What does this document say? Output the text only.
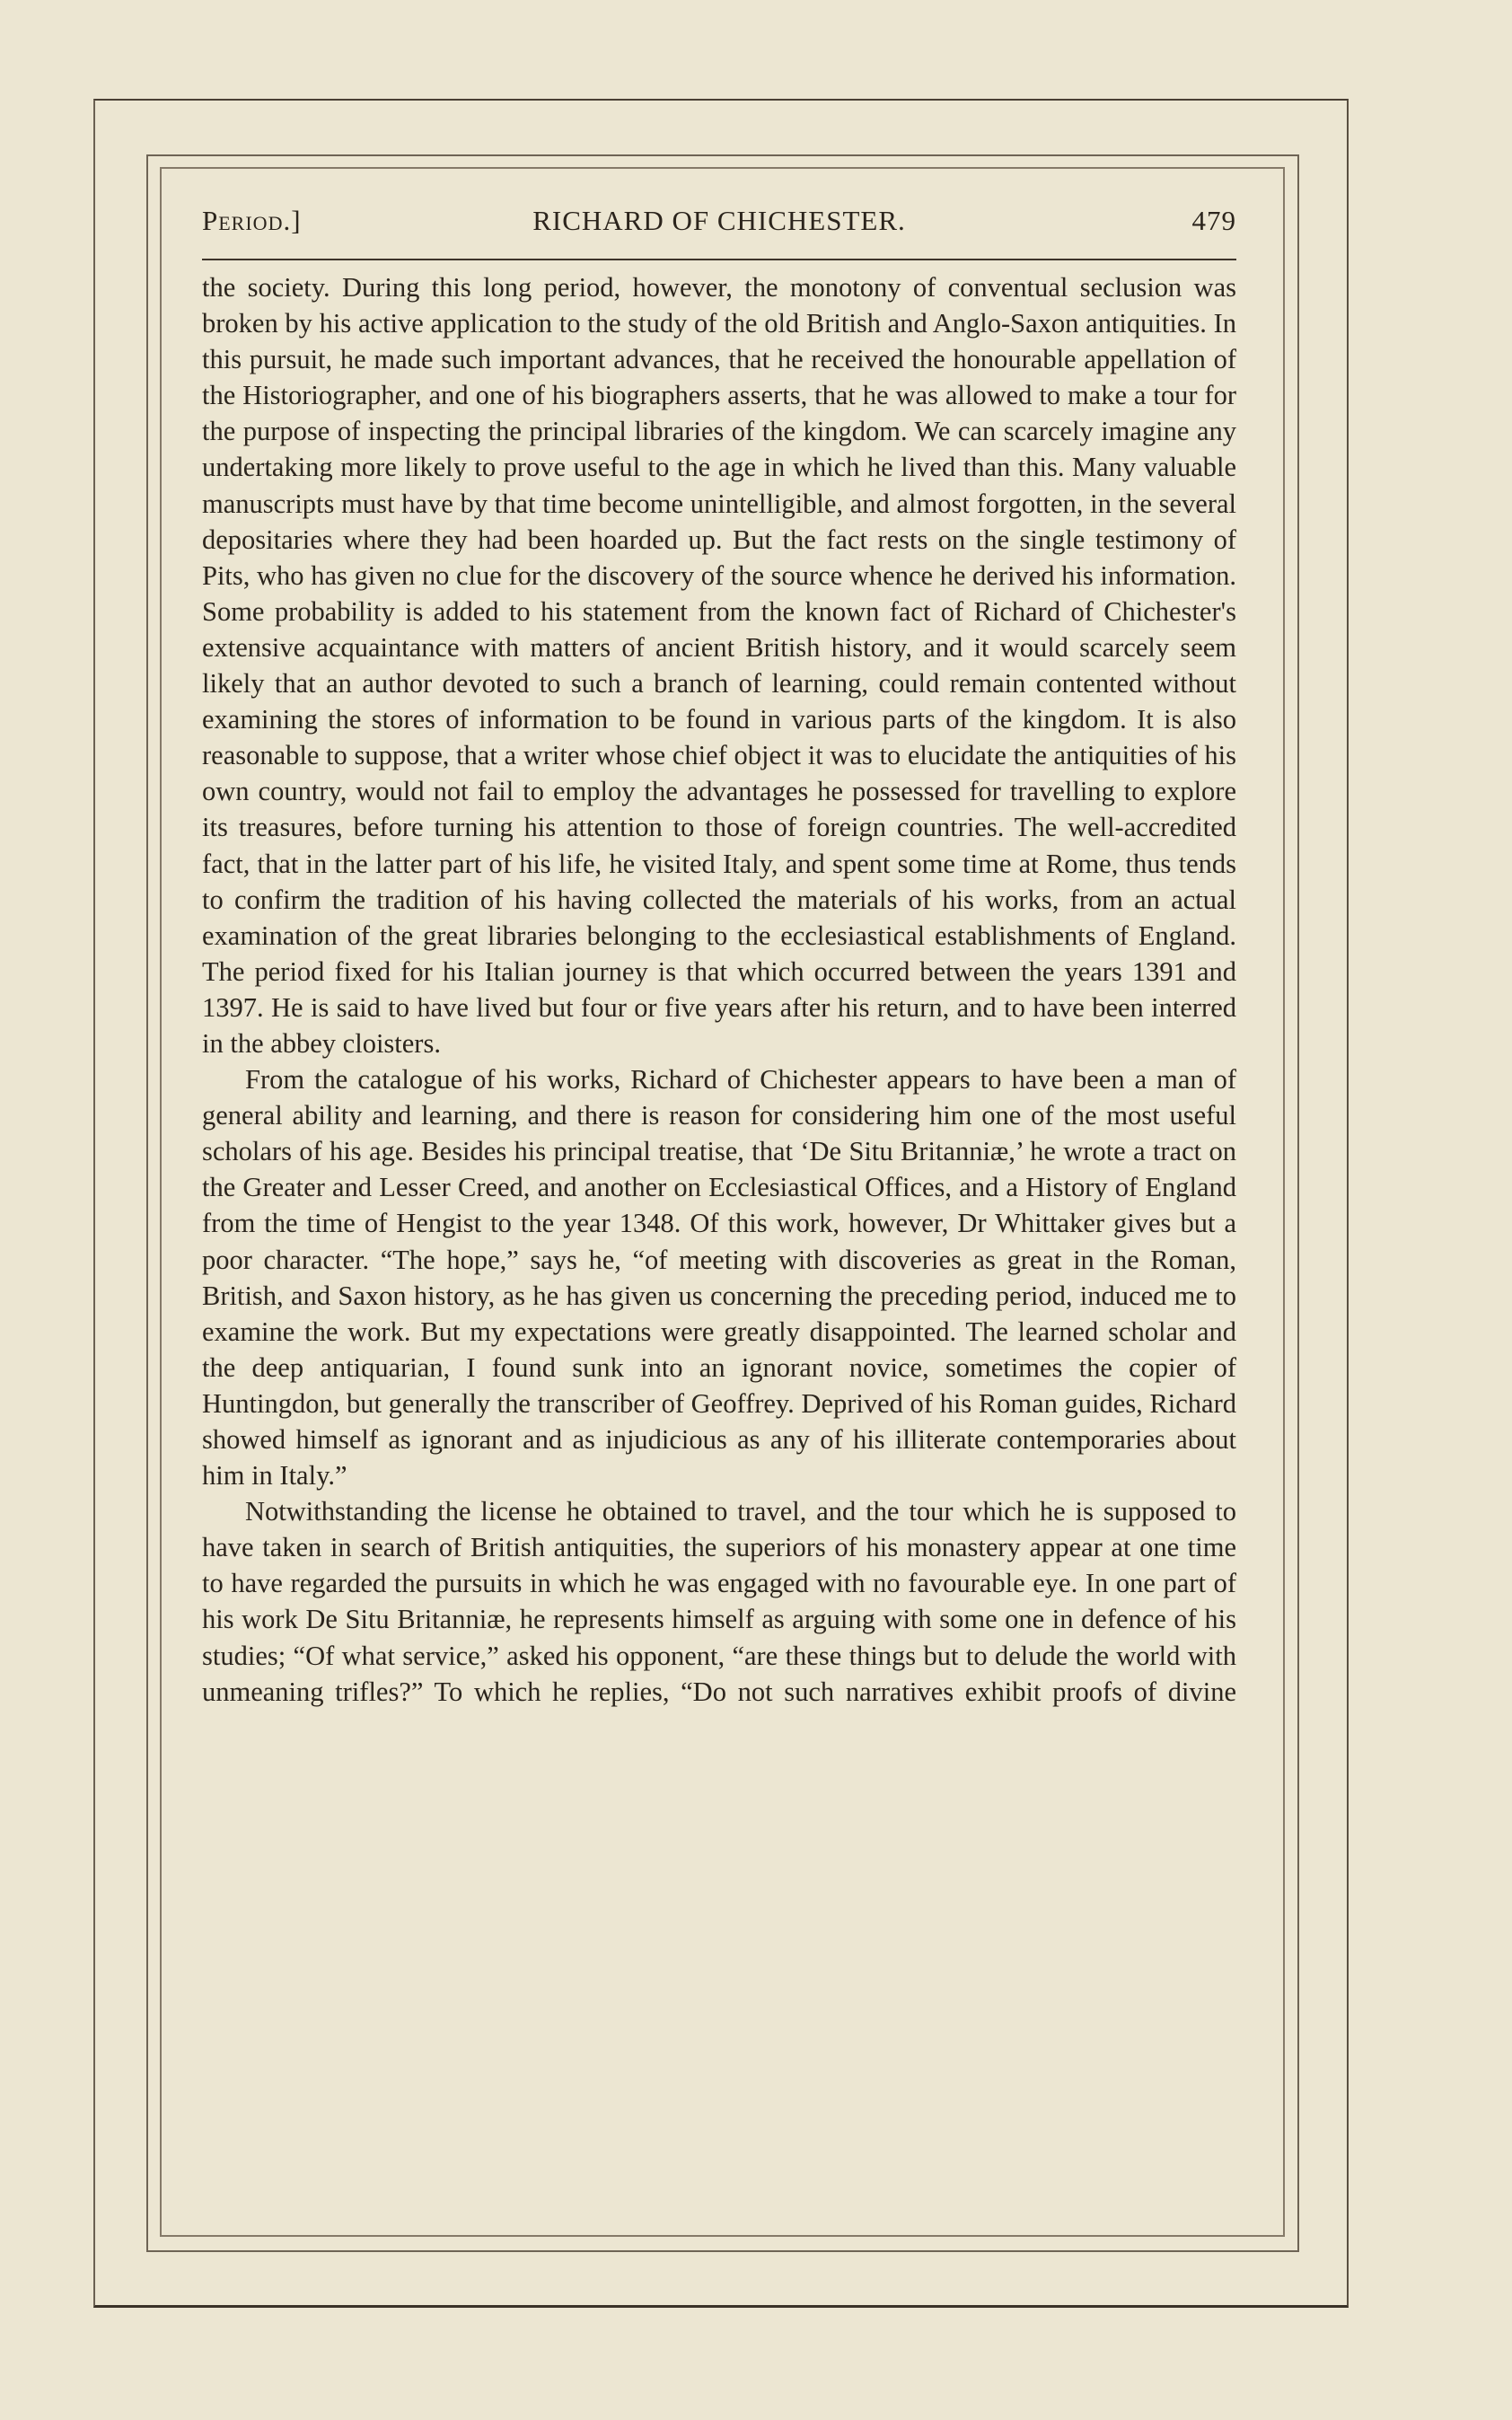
Period.]	RICHARD OF CHICHESTER.	479

the society. During this long period, however, the monotony of conventual seclusion was broken by his active application to the study of the old British and Anglo-Saxon antiquities. In this pursuit, he made such important advances, that he received the honourable appellation of the Historiographer, and one of his biographers asserts, that he was allowed to make a tour for the purpose of inspecting the principal libraries of the kingdom. We can scarcely imagine any undertaking more likely to prove useful to the age in which he lived than this. Many valuable manuscripts must have by that time become unintelligible, and almost forgotten, in the several depositaries where they had been hoarded up. But the fact rests on the single testimony of Pits, who has given no clue for the discovery of the source whence he derived his information. Some probability is added to his statement from the known fact of Richard of Chichester's extensive acquaintance with matters of ancient British history, and it would scarcely seem likely that an author devoted to such a branch of learning, could remain contented without examining the stores of information to be found in various parts of the kingdom. It is also reasonable to suppose, that a writer whose chief object it was to elucidate the antiquities of his own country, would not fail to employ the advantages he possessed for travelling to explore its treasures, before turning his attention to those of foreign countries. The well-accredited fact, that in the latter part of his life, he visited Italy, and spent some time at Rome, thus tends to confirm the tradition of his having collected the materials of his works, from an actual examination of the great libraries belonging to the ecclesiastical establishments of England. The period fixed for his Italian journey is that which occurred between the years 1391 and 1397. He is said to have lived but four or five years after his return, and to have been interred in the abbey cloisters.

From the catalogue of his works, Richard of Chichester appears to have been a man of general ability and learning, and there is reason for considering him one of the most useful scholars of his age. Besides his principal treatise, that ‘De Situ Britanniæ,’ he wrote a tract on the Greater and Lesser Creed, and another on Ecclesiastical Offices, and a History of England from the time of Hengist to the year 1348. Of this work, however, Dr Whittaker gives but a poor character. “The hope,” says he, “of meeting with discoveries as great in the Roman, British, and Saxon history, as he has given us concerning the preceding period, induced me to examine the work. But my expectations were greatly disappointed. The learned scholar and the deep antiquarian, I found sunk into an ignorant novice, sometimes the copier of Huntingdon, but generally the transcriber of Geoffrey. Deprived of his Roman guides, Richard showed himself as ignorant and as injudicious as any of his illiterate contemporaries about him in Italy.”

Notwithstanding the license he obtained to travel, and the tour which he is supposed to have taken in search of British antiquities, the superiors of his monastery appear at one time to have regarded the pursuits in which he was engaged with no favourable eye. In one part of his work De Situ Britanniæ, he represents himself as arguing with some one in defence of his studies; “Of what service,” asked his opponent, “are these things but to delude the world with unmeaning trifles?” To which he replies, “Do not such narratives exhibit proofs of divine
